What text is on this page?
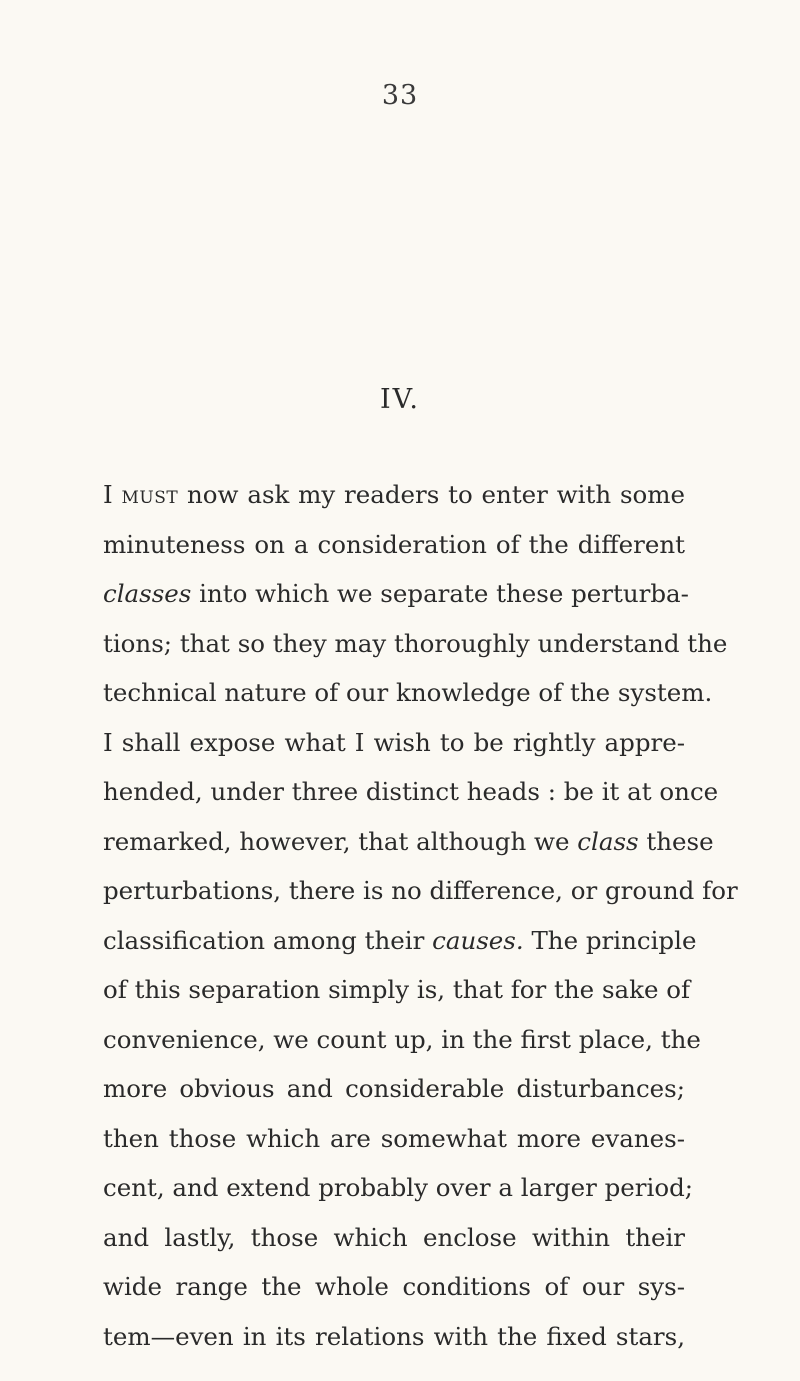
33
IV.
I must now ask my readers to enter with some
minuteness on a consideration of the different
classes into which we separate these perturba-
tions; that so they may thoroughly understand the
technical nature of our knowledge of the system.
I shall expose what I wish to be rightly appre-
hended, under three distinct heads : be it at once
remarked, however, that although we class these
perturbations, there is no difference, or ground for
classification among their causes. The principle
of this separation simply is, that for the sake of
convenience, we count up, in the first place, the
more obvious and considerable disturbances;
then those which are somewhat more evanes-
cent, and extend probably over a larger period;
and lastly, those which enclose within their
wide range the whole conditions of our sys-
tem—even in its relations with the fixed stars,
